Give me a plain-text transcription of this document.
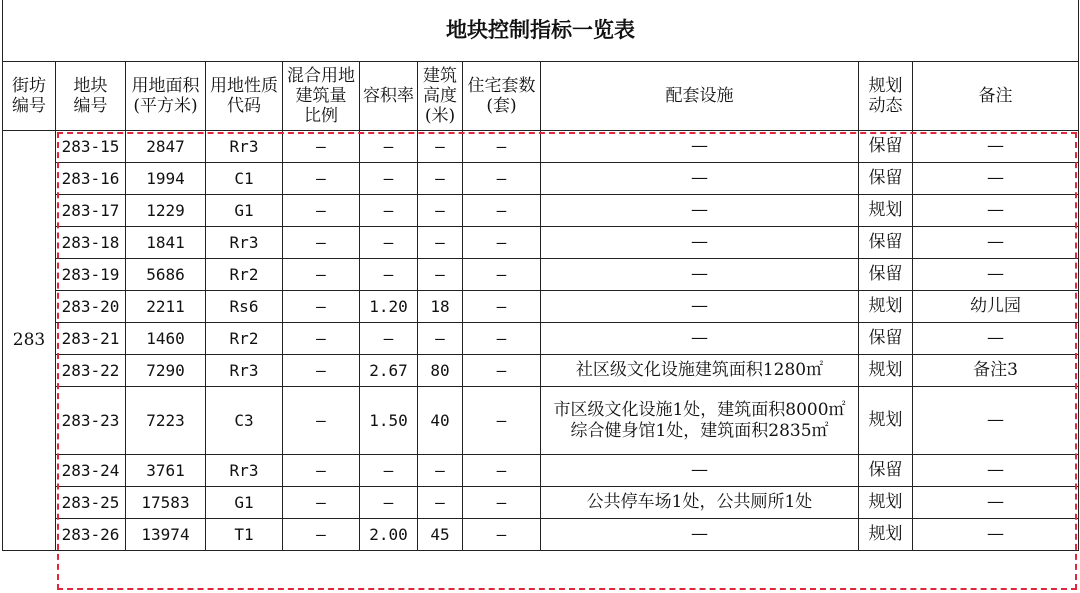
地块控制指标一览表										
街坊
编号	地块
编号	用地面积
(平方米)	用地性质
代码	混合用地
建筑量
比例	容积率	建筑
高度
(米)	住宅套数
(套)	配套设施	规划
动态	备注
283	283-15	2847	Rr3	—	—	—	—	—	保留	—
	283-16	1994	C1	—	—	—	—	—	保留	—
	283-17	1229	G1	—	—	—	—	—	规划	—
	283-18	1841	Rr3	—	—	—	—	—	保留	—
	283-19	5686	Rr2	—	—	—	—	—	保留	—
	283-20	2211	Rs6	—	1.20	18	—	—	规划	幼儿园
	283-21	1460	Rr2	—	—	—	—	—	保留	—
	283-22	7290	Rr3	—	2.67	80	—	社区级文化设施建筑面积1280㎡	规划	备注3
	283-23	7223	C3	—	1.50	40	—	市区级文化设施1处，建筑面积8000㎡
综合健身馆1处，建筑面积2835㎡	规划	—
	283-24	3761	Rr3	—	—	—	—	—	保留	—
	283-25	17583	G1	—	—	—	—	公共停车场1处，公共厕所1处	规划	—
	283-26	13974	T1	—	2.00	45	—	—	规划	—
